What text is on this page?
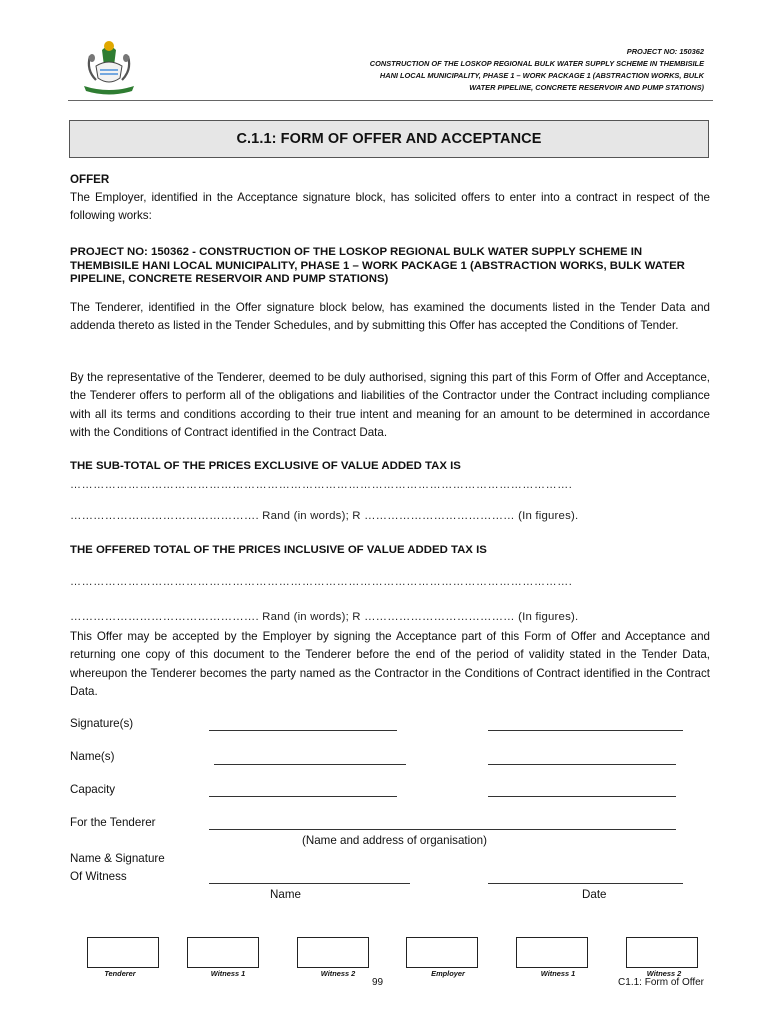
PROJECT NO: 150362
CONSTRUCTION OF THE LOSKOP REGIONAL BULK WATER SUPPLY SCHEME IN THEMBISILE
HANI LOCAL MUNICIPALITY, PHASE 1 – WORK PACKAGE 1 (ABSTRACTION WORKS, BULK
WATER PIPELINE, CONCRETE RESERVOIR AND PUMP STATIONS)
C.1.1: FORM OF OFFER AND ACCEPTANCE

OFFER

The Employer, identified in the Acceptance signature block, has solicited offers to enter into a contract in respect of the following works:

PROJECT NO: 150362 - CONSTRUCTION OF THE LOSKOP REGIONAL BULK WATER SUPPLY SCHEME IN THEMBISILE HANI LOCAL MUNICIPALITY, PHASE 1 – WORK PACKAGE 1 (ABSTRACTION WORKS, BULK WATER PIPELINE, CONCRETE RESERVOIR AND PUMP STATIONS)

The Tenderer, identified in the Offer signature block below, has examined the documents listed in the Tender Data and addenda thereto as listed in the Tender Schedules, and by submitting this Offer has accepted the Conditions of Tender.

By the representative of the Tenderer, deemed to be duly authorised, signing this part of this Form of Offer and Acceptance, the Tenderer offers to perform all of the obligations and liabilities of the Contractor under the Contract including compliance with all its terms and conditions according to their true intent and meaning for an amount to be determined in accordance with the Conditions of Contract identified in the Contract Data.

THE SUB-TOTAL OF THE PRICES EXCLUSIVE OF VALUE ADDED TAX IS

………………………………………………………………………………………………………………….
…………………………………………. Rand (in words); R ………………………………… (In figures).

THE OFFERED TOTAL OF THE PRICES INCLUSIVE OF VALUE ADDED TAX IS

………………………………………………………………………………………………………………….
…………………………………………. Rand (in words); R ………………………………… (In figures).

This Offer may be accepted by the Employer by signing the Acceptance part of this Form of Offer and Acceptance and returning one copy of this document to the Tenderer before the end of the period of validity stated in the Tender Data, whereupon the Tenderer becomes the party named as the Contractor in the Conditions of Contract identified in the Contract Data.

Signature(s)
Name(s)
Capacity
For the Tenderer
(Name and address of organisation)
Name & Signature
Of Witness
Name	Date
Tenderer	Witness 1	Witness 2	Employer	Witness 1	Witness 2
99	C1.1: Form of Offer
